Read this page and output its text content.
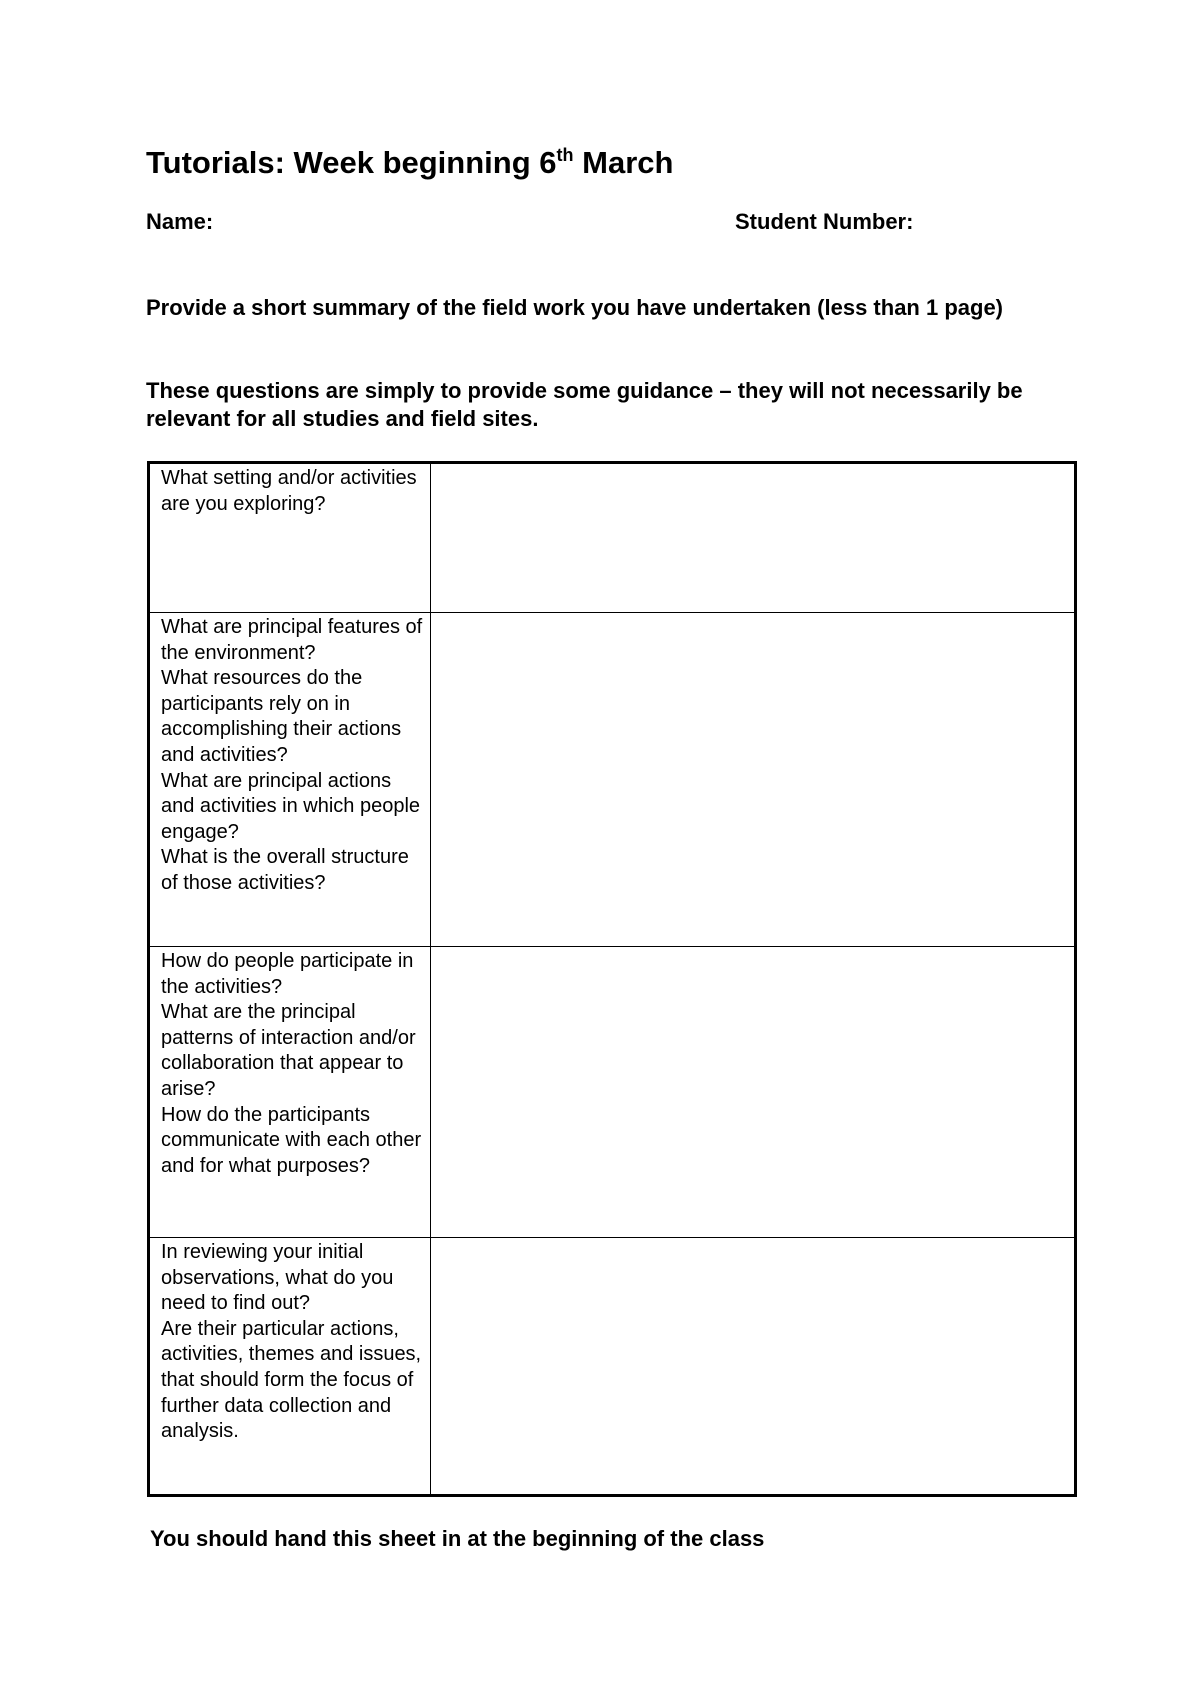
Tutorials: Week beginning 6th March

Name:	Student Number:

Provide a short summary of the field work you have undertaken (less than 1 page)

These questions are simply to provide some guidance – they will not necessarily be relevant for all studies and field sites.

What setting and/or activities are you exploring?	

What are principal features of the environment?
What resources do the participants rely on in accomplishing their actions and activities?
What are principal actions and activities in which people engage?
What is the overall structure of those activities?	

How do people participate in the activities?
What are the principal patterns of interaction and/or collaboration that appear to arise?
How do the participants communicate with each other and for what purposes?	

In reviewing your initial observations, what do you need to find out?
Are their particular actions, activities, themes and issues, that should form the focus of further data collection and analysis.	

You should hand this sheet in at the beginning of the class
